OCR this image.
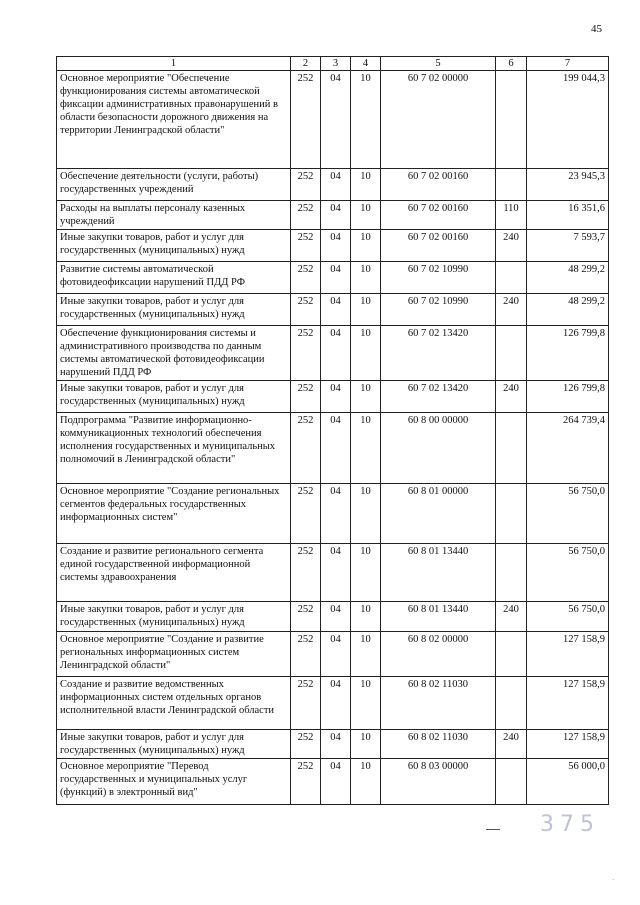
45
1	2	3	4	5	6	7
Основное мероприятие "Обеспечение функционирования системы автоматической фиксации административных правонарушений в области безопасности дорожного движения на территории Ленинградской области"	252	04	10	60 7 02 00000		199 044,3
Обеспечение деятельности (услуги, работы) государственных учреждений	252	04	10	60 7 02 00160		23 945,3
Расходы на выплаты персоналу казенных учреждений	252	04	10	60 7 02 00160	110	16 351,6
Иные закупки товаров, работ и услуг для государственных (муниципальных) нужд	252	04	10	60 7 02 00160	240	7 593,7
Развитие системы автоматической фотовидеофиксации нарушений ПДД РФ	252	04	10	60 7 02 10990		48 299,2
Иные закупки товаров, работ и услуг для государственных (муниципальных) нужд	252	04	10	60 7 02 10990	240	48 299,2
Обеспечение функционирования системы и административного производства по данным системы автоматической фотовидеофиксации нарушений ПДД РФ	252	04	10	60 7 02 13420		126 799,8
Иные закупки товаров, работ и услуг для государственных (муниципальных) нужд	252	04	10	60 7 02 13420	240	126 799,8
Подпрограмма "Развитие информационно-коммуникационных технологий обеспечения исполнения государственных и муниципальных полномочий в Ленинградской области"	252	04	10	60 8 00 00000		264 739,4
Основное мероприятие "Создание региональных сегментов федеральных государственных информационных систем"	252	04	10	60 8 01 00000		56 750,0
Создание и развитие регионального сегмента единой государственной информационной системы здравоохранения	252	04	10	60 8 01 13440		56 750,0
Иные закупки товаров, работ и услуг для государственных (муниципальных) нужд	252	04	10	60 8 01 13440	240	56 750,0
Основное мероприятие "Создание и развитие региональных информационных систем Ленинградской области"	252	04	10	60 8 02 00000		127 158,9
Создание и развитие ведомственных информационных систем отдельных органов исполнительной власти Ленинградской области	252	04	10	60 8 02 11030		127 158,9
Иные закупки товаров, работ и услуг для государственных (муниципальных) нужд	252	04	10	60 8 02 11030	240	127 158,9
Основное мероприятие "Перевод государственных и муниципальных услуг (функций) в электронный вид"	252	04	10	60 8 03 00000		56 000,0
375
·
